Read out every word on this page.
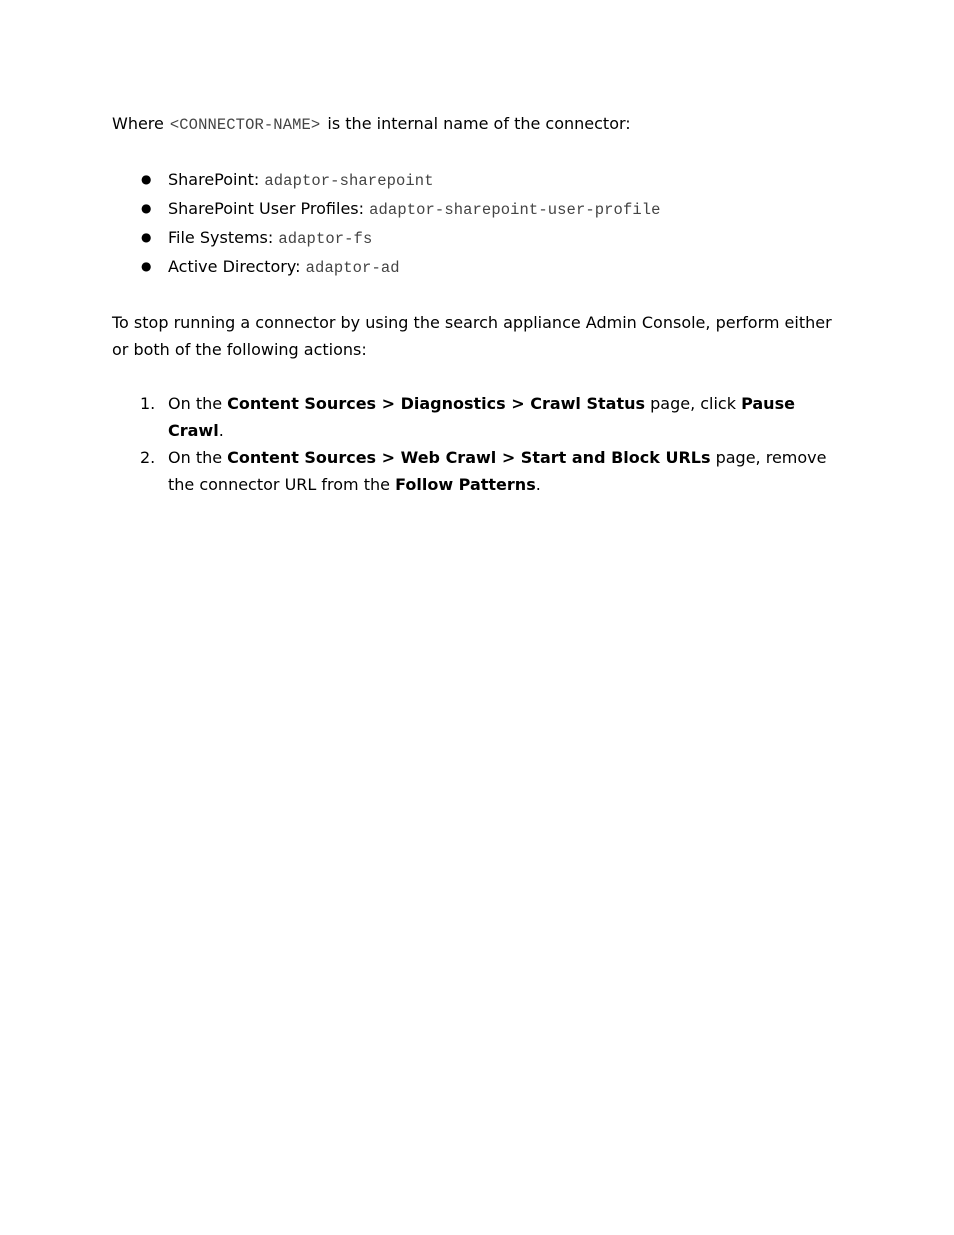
Where <CONNECTOR-NAME> is the internal name of the connector:

● SharePoint: adaptor-sharepoint
● SharePoint User Profiles: adaptor-sharepoint-user-profile
● File Systems: adaptor-fs
● Active Directory: adaptor-ad

To stop running a connector by using the search appliance Admin Console, perform either or both of the following actions:

1. On the Content Sources > Diagnostics > Crawl Status page, click Pause Crawl.
2. On the Content Sources > Web Crawl > Start and Block URLs page, remove the connector URL from the Follow Patterns.
